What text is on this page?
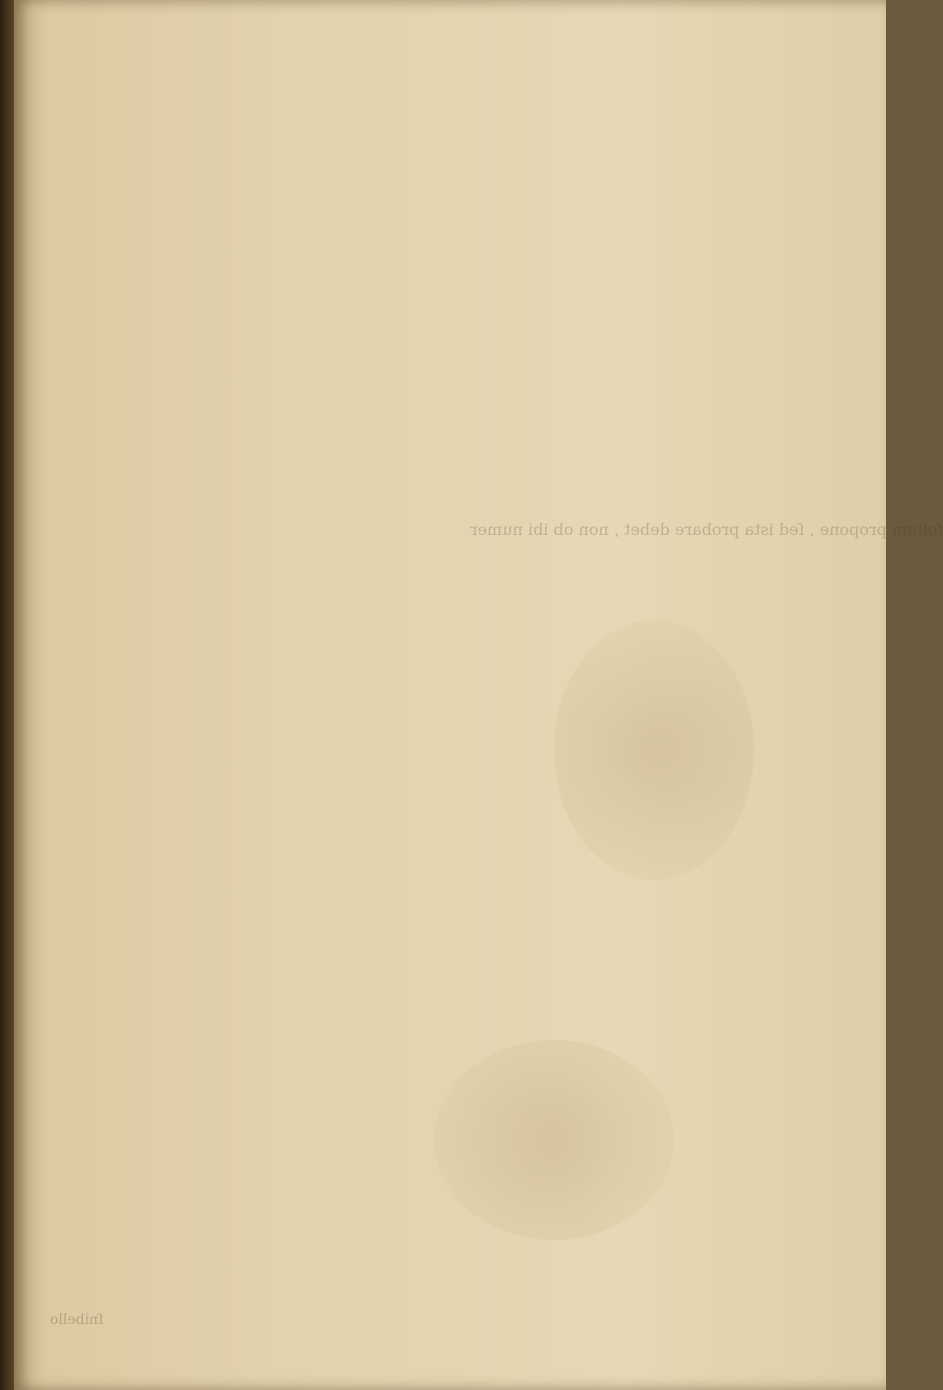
folium propone , ſed ista probare debet , non ob ibi numer

ſnibello
